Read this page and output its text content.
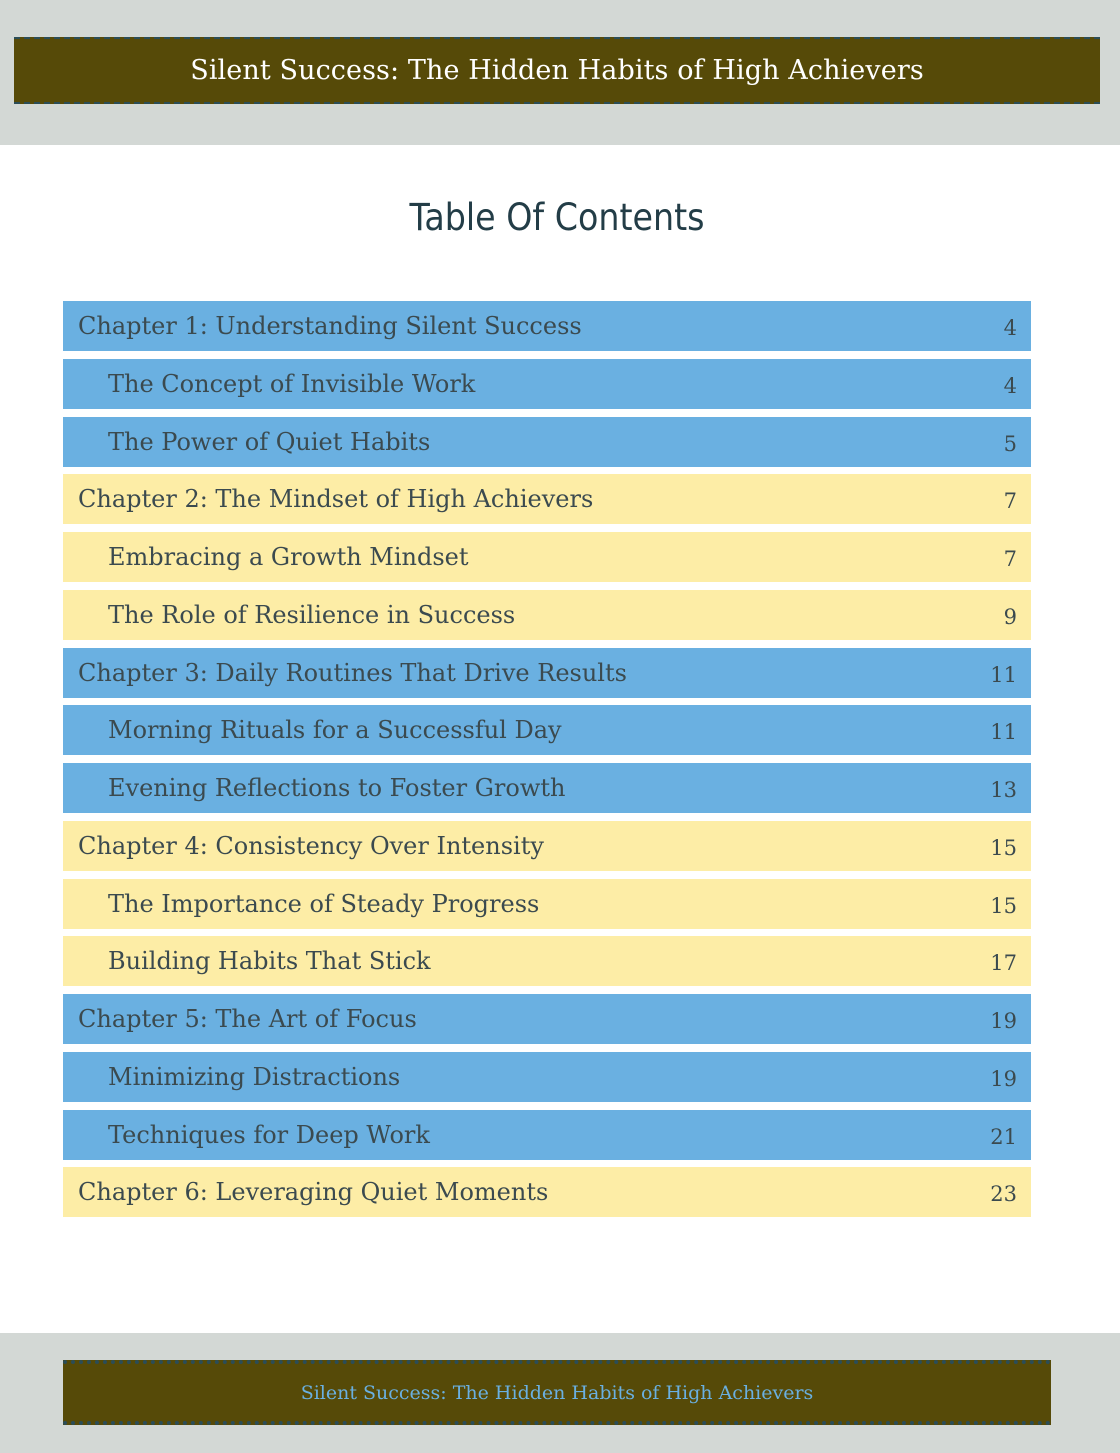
Silent Success: The Hidden Habits of High Achievers
Table Of Contents
Chapter 1: Understanding Silent Success	4
The Concept of Invisible Work	4
The Power of Quiet Habits	5
Chapter 2: The Mindset of High Achievers	7
Embracing a Growth Mindset	7
The Role of Resilience in Success	9
Chapter 3: Daily Routines That Drive Results	11
Morning Rituals for a Successful Day	11
Evening Reflections to Foster Growth	13
Chapter 4: Consistency Over Intensity	15
The Importance of Steady Progress	15
Building Habits That Stick	17
Chapter 5: The Art of Focus	19
Minimizing Distractions	19
Techniques for Deep Work	21
Chapter 6: Leveraging Quiet Moments	23
Silent Success: The Hidden Habits of High Achievers
